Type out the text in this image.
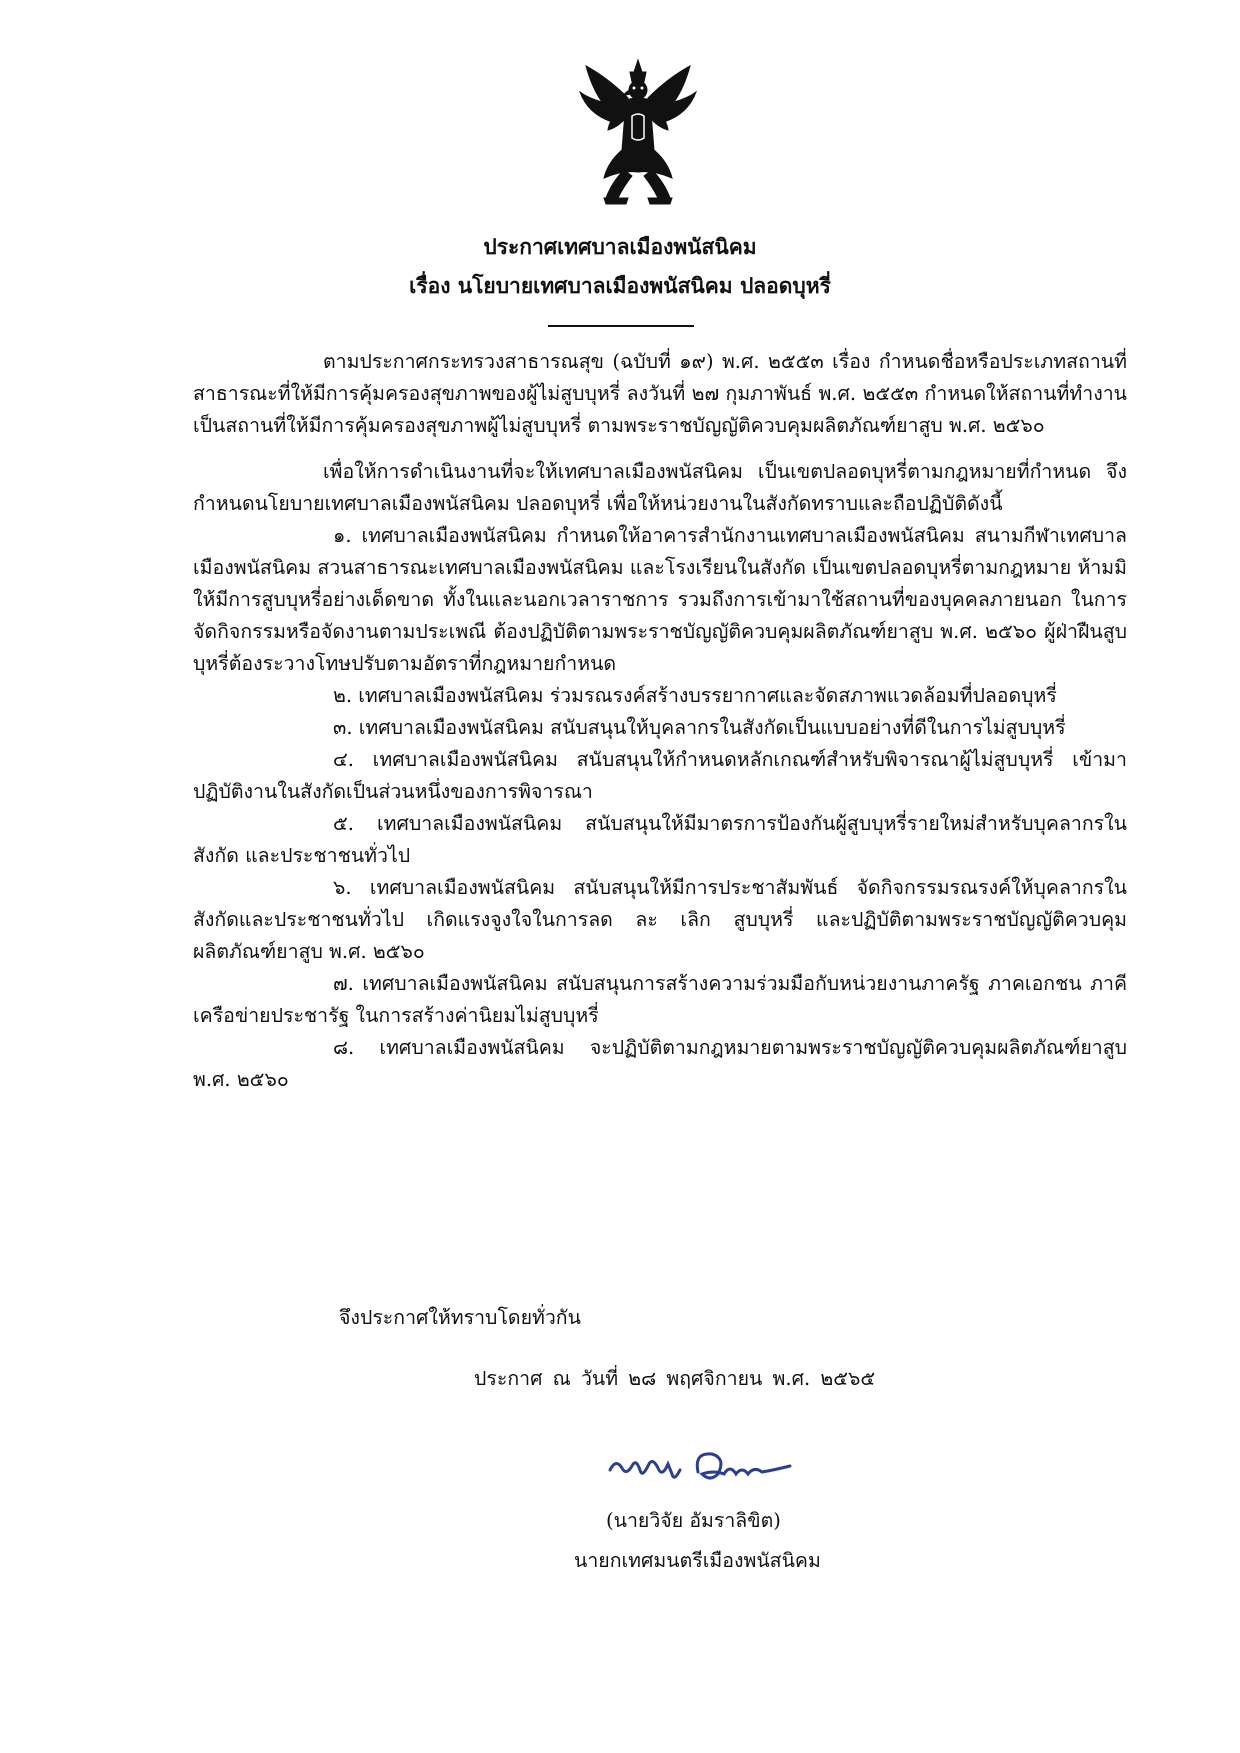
ประกาศเทศบาลเมืองพนัสนิคม
เรื่อง นโยบายเทศบาลเมืองพนัสนิคม ปลอดบุหรี่

ตามประกาศกระทรวงสาธารณสุข (ฉบับที่ ๑๙) พ.ศ. ๒๕๕๓ เรื่อง กำหนดชื่อหรือประเภทสถานที่สาธารณะที่ให้มีการคุ้มครองสุขภาพของผู้ไม่สูบบุหรี่ ลงวันที่ ๒๗ กุมภาพันธ์ พ.ศ. ๒๕๕๓ กำหนดให้สถานที่ทำงานเป็นสถานที่ให้มีการคุ้มครองสุขภาพผู้ไม่สูบบุหรี่ ตามพระราชบัญญัติควบคุมผลิตภัณฑ์ยาสูบ พ.ศ. ๒๕๖๐

เพื่อให้การดำเนินงานที่จะให้เทศบาลเมืองพนัสนิคม เป็นเขตปลอดบุหรี่ตามกฎหมายที่กำหนด จึงกำหนดนโยบายเทศบาลเมืองพนัสนิคม ปลอดบุหรี่ เพื่อให้หน่วยงานในสังกัดทราบและถือปฏิบัติดังนี้

๑. เทศบาลเมืองพนัสนิคม กำหนดให้อาคารสำนักงานเทศบาลเมืองพนัสนิคม สนามกีฬาเทศบาลเมืองพนัสนิคม สวนสาธารณะเทศบาลเมืองพนัสนิคม และโรงเรียนในสังกัด เป็นเขตปลอดบุหรี่ตามกฎหมาย ห้ามมิให้มีการสูบบุหรี่อย่างเด็ดขาด ทั้งในและนอกเวลาราชการ รวมถึงการเข้ามาใช้สถานที่ของบุคคลภายนอก ในการจัดกิจกรรมหรือจัดงานตามประเพณี ต้องปฏิบัติตามพระราชบัญญัติควบคุมผลิตภัณฑ์ยาสูบ พ.ศ. ๒๕๖๐ ผู้ฝ่าฝืนสูบบุหรี่ต้องระวางโทษปรับตามอัตราที่กฎหมายกำหนด

๒. เทศบาลเมืองพนัสนิคม ร่วมรณรงค์สร้างบรรยากาศและจัดสภาพแวดล้อมที่ปลอดบุหรี่

๓. เทศบาลเมืองพนัสนิคม สนับสนุนให้บุคลากรในสังกัดเป็นแบบอย่างที่ดีในการไม่สูบบุหรี่

๔. เทศบาลเมืองพนัสนิคม สนับสนุนให้กำหนดหลักเกณฑ์สำหรับพิจารณาผู้ไม่สูบบุหรี่ เข้ามาปฏิบัติงานในสังกัดเป็นส่วนหนึ่งของการพิจารณา

๕. เทศบาลเมืองพนัสนิคม สนับสนุนให้มีมาตรการป้องกันผู้สูบบุหรี่รายใหม่สำหรับบุคลากรในสังกัด และประชาชนทั่วไป

๖. เทศบาลเมืองพนัสนิคม สนับสนุนให้มีการประชาสัมพันธ์ จัดกิจกรรมรณรงค์ให้บุคลากรในสังกัดและประชาชนทั่วไป เกิดแรงจูงใจในการลด ละ เลิก สูบบุหรี่ และปฏิบัติตามพระราชบัญญัติควบคุมผลิตภัณฑ์ยาสูบ พ.ศ. ๒๕๖๐

๗. เทศบาลเมืองพนัสนิคม สนับสนุนการสร้างความร่วมมือกับหน่วยงานภาครัฐ ภาคเอกชน ภาคีเครือข่ายประชารัฐ ในการสร้างค่านิยมไม่สูบบุหรี่

๘. เทศบาลเมืองพนัสนิคม จะปฏิบัติตามกฎหมายตามพระราชบัญญัติควบคุมผลิตภัณฑ์ยาสูบ พ.ศ. ๒๕๖๐

จึงประกาศให้ทราบโดยทั่วกัน
ประกาศ ณ วันที่ ๒๘ พฤศจิกายน พ.ศ. ๒๕๖๕
(นายวิจัย อัมราลิขิต)
นายกเทศมนตรีเมืองพนัสนิคม
